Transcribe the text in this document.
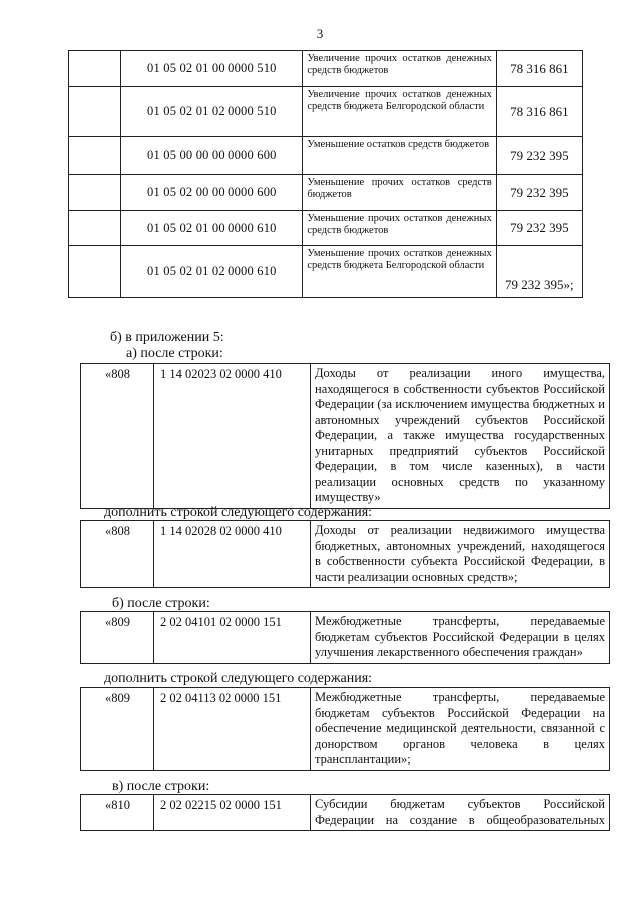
3
	01 05 02 01 00 0000 510	Увеличение прочих остатков денежных средств бюджетов	78 316 861
	01 05 02 01 02 0000 510	Увеличение прочих остатков денежных средств бюджета Белгородской области	78 316 861
	01 05 00 00 00 0000 600	Уменьшение остатков средств бюджетов	79 232 395
	01 05 02 00 00 0000 600	Уменьшение прочих остатков средств бюджетов	79 232 395
	01 05 02 01 00 0000 610	Уменьшение прочих остатков денежных средств бюджетов	79 232 395
	01 05 02 01 02 0000 610	Уменьшение прочих остатков денежных средств бюджета Белгородской области	79 232 395»;
б) в приложении 5:
а) после строки:
«808	1 14 02023 02 0000 410	Доходы от реализации иного имущества, находящегося в собственности субъектов Российской Федерации (за исключением имущества бюджетных и автономных учреждений субъектов Российской Федерации, а также имущества государственных унитарных предприятий субъектов Российской Федерации, в том числе казенных), в части реализации основных средств по указанному имуществу»
дополнить строкой следующего содержания:
«808	1 14 02028 02 0000 410	Доходы от реализации недвижимого имущества бюджетных, автономных учреждений, находящегося в собственности субъекта Российской Федерации, в части реализации основных средств»;
б) после строки:
«809	2 02 04101 02 0000 151	Межбюджетные трансферты, передаваемые бюджетам субъектов Российской Федерации в целях улучшения лекарственного обеспечения граждан»
дополнить строкой следующего содержания:
«809	2 02 04113 02 0000 151	Межбюджетные трансферты, передаваемые бюджетам субъектов Российской Федерации на обеспечение медицинской деятельности, связанной с донорством органов человека в целях трансплантации»;
в) после строки:
«810	2 02 02215 02 0000 151	Субсидии бюджетам субъектов Российской Федерации на создание в общеобразовательных
